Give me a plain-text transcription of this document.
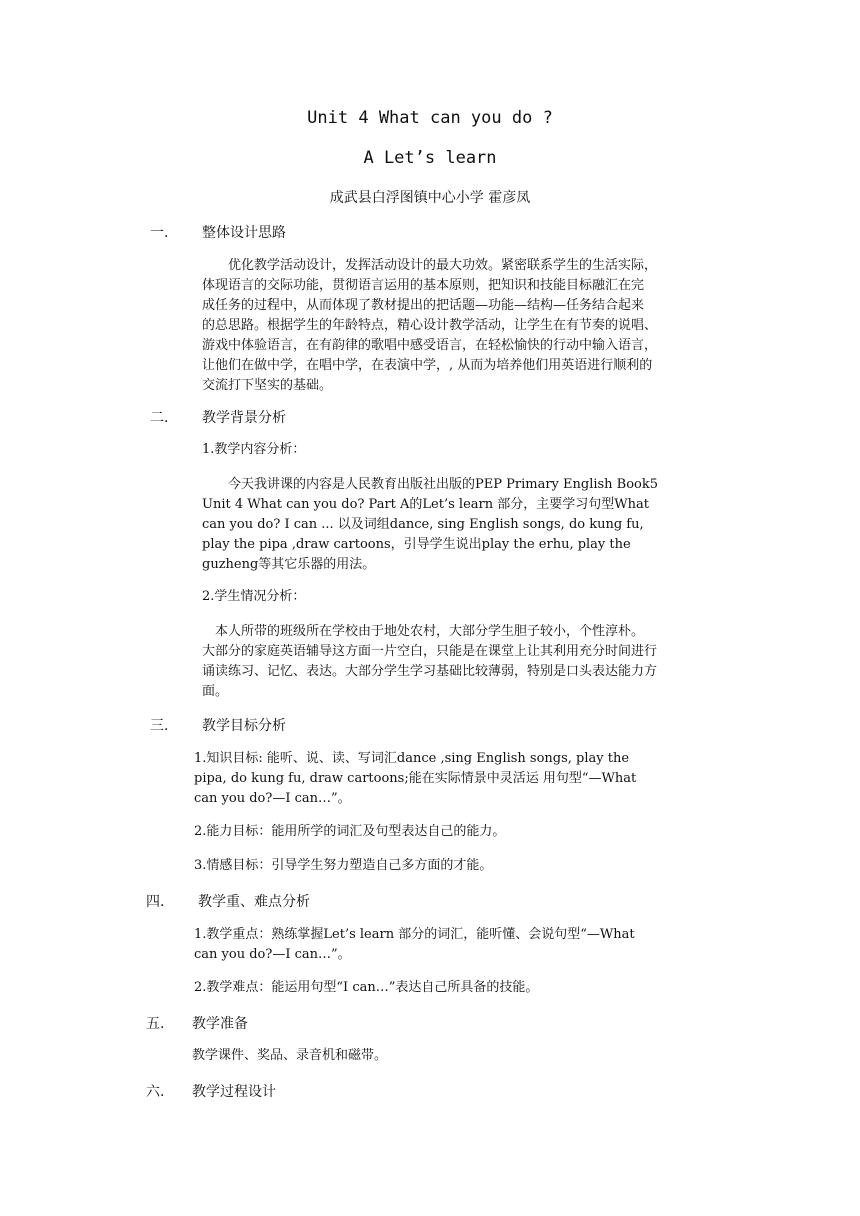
Unit 4 What can you do ?
A Let’s learn
成武县白浮图镇中心小学 霍彦凤
一. 整体设计思路
　　优化教学活动设计，发挥活动设计的最大功效。紧密联系学生的生活实际，
体现语言的交际功能，贯彻语言运用的基本原则，把知识和技能目标融汇在完
成任务的过程中，从而体现了教材提出的把话题—功能—结构—任务结合起来
的总思路。根据学生的年龄特点，精心设计教学活动，让学生在有节奏的说唱、
游戏中体验语言，在有韵律的歌唱中感受语言，在轻松愉快的行动中输入语言，
让他们在做中学，在唱中学，在表演中学，, 从而为培养他们用英语进行顺利的
交流打下坚实的基础。
二. 教学背景分析
1.教学内容分析：
　　今天我讲课的内容是人民教育出版社出版的PEP Primary English Book5
Unit 4 What can you do? Part A的Let’s learn 部分，主要学习句型What
can you do? I can ... 以及词组dance, sing English songs, do kung fu,
play the pipa ,draw cartoons，引导学生说出play the erhu, play the
guzheng等其它乐器的用法。
2.学生情况分析：
　本人所带的班级所在学校由于地处农村，大部分学生胆子较小，个性淳朴。
大部分的家庭英语辅导这方面一片空白，只能是在课堂上让其利用充分时间进行
诵读练习、记忆、表达。大部分学生学习基础比较薄弱，特别是口头表达能力方
面。
三. 教学目标分析
1.知识目标: 能听、说、读、写词汇dance ,sing English songs, play the
pipa, do kung fu, draw cartoons;能在实际情景中灵活运 用句型“—What
can you do?—I can…”。
2.能力目标：能用所学的词汇及句型表达自己的能力。
3.情感目标：引导学生努力塑造自己多方面的才能。
四. 教学重、难点分析
1.教学重点：熟练掌握Let’s learn 部分的词汇，能听懂、会说句型“—What
can you do?—I can…”。
2.教学难点：能运用句型“I can…”表达自己所具备的技能。
五. 教学准备
教学课件、奖品、录音机和磁带。
六. 教学过程设计
